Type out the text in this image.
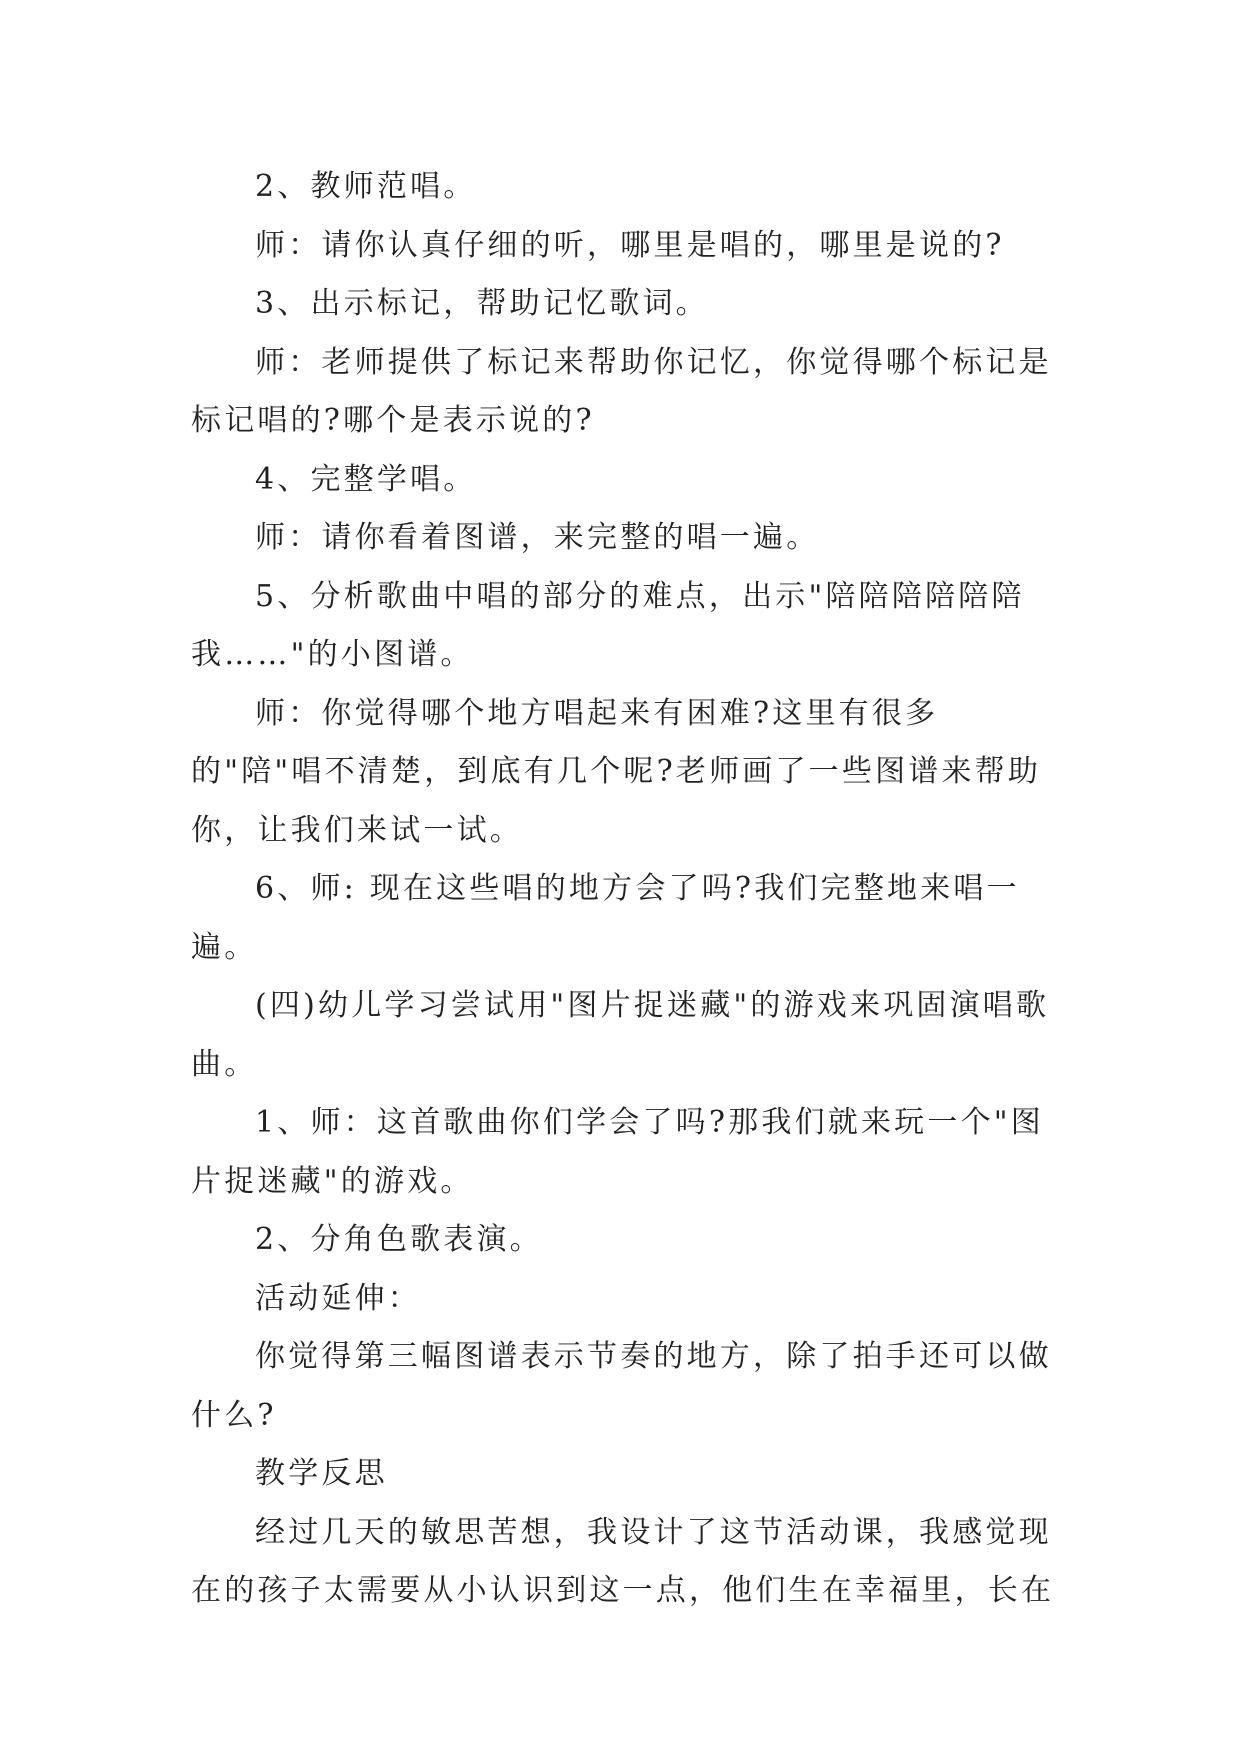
2、教师范唱。

师：请你认真仔细的听，哪里是唱的，哪里是说的?

3、出示标记，帮助记忆歌词。

师：老师提供了标记来帮助你记忆，你觉得哪个标记是标记唱的?哪个是表示说的?

4、完整学唱。

师：请你看着图谱，来完整的唱一遍。

5、分析歌曲中唱的部分的难点，出示"陪陪陪陪陪陪我……"的小图谱。

师：你觉得哪个地方唱起来有困难?这里有很多的"陪"唱不清楚，到底有几个呢?老师画了一些图谱来帮助你，让我们来试一试。

6、师: 现在这些唱的地方会了吗?我们完整地来唱一遍。

(四)幼儿学习尝试用"图片捉迷藏"的游戏来巩固演唱歌曲。

1、师：这首歌曲你们学会了吗?那我们就来玩一个"图片捉迷藏"的游戏。

2、分角色歌表演。

活动延伸：

你觉得第三幅图谱表示节奏的地方，除了拍手还可以做什么?

教学反思

经过几天的敏思苦想，我设计了这节活动课，我感觉现在的孩子太需要从小认识到这一点，他们生在幸福里，长在
